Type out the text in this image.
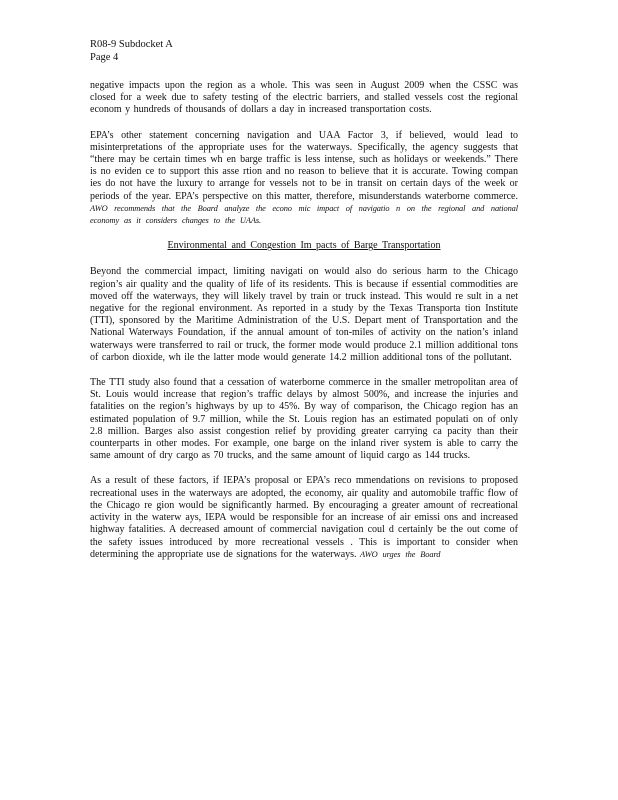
R08-9 Subdocket A
Page 4

negative impacts upon the region as a whole. This was seen in August 2009 when the CSSC was closed for a week due to safety testing of the electric barriers, and stalled vessels cost the regional econom y hundreds of thousands of dollars a day in increased transportation costs.

EPA’s other statement concerning navigation and UAA Factor 3, if believed, would lead to misinterpretations of the appropriate uses for the waterways. Specifically, the agency suggests that “there may be certain times wh en barge traffic is less intense, such as holidays or weekends.” There is no eviden ce to support this asse rtion and no reason to believe that it is accurate. Towing compan ies do not have the luxury to arrange for vessels not to be in transit on certain days of the week or periods of the year. EPA’s perspective on this matter, therefore, misunderstands waterborne commerce. AWO recommends that the Board analyze the econo mic impact of navigatio n on the regional and national economy as it considers changes to the UAAs.

Environmental and Congestion Im pacts of Barge Transportation

Beyond the commercial impact, limiting navigati on would also do serious harm to the Chicago region’s air quality and the quality of life of its residents. This is because if essential commodities are moved off the waterways, they will likely travel by train or truck instead. This would re sult in a net negative for the regional environment. As reported in a study by the Texas Transporta tion Institute (TTI), sponsored by the Maritime Administration of the U.S. Depart ment of Transportation and the National Waterways Foundation, if the annual amount of ton-miles of activity on the nation’s inland waterways were transferred to rail or truck, the former mode would produce 2.1 million additional tons of carbon dioxide, wh ile the latter mode would generate 14.2 million additional tons of the pollutant.

The TTI study also found that a cessation of waterborne commerce in the smaller metropolitan area of St. Louis would increase that region’s traffic delays by almost 500%, and increase the injuries and fatalities on the region’s highways by up to 45%. By way of comparison, the Chicago region has an estimated population of 9.7 million, while the St. Louis region has an estimated populati on of only 2.8 million. Barges also assist congestion relief by providing greater carrying ca pacity than their counterparts in other modes. For example, one barge on the inland river system is able to carry the same amount of dry cargo as 70 trucks, and the same amount of liquid cargo as 144 trucks.

As a result of these factors, if IEPA’s proposal or EPA’s reco mmendations on revisions to proposed recreational uses in the waterways are adopted, the economy, air quality and automobile traffic flow of the Chicago re gion would be significantly harmed. By encouraging a greater amount of recreational activity in the waterw ays, IEPA would be responsible for an increase of air emissi ons and increased highway fatalities. A decreased amount of commercial navigation coul d certainly be the out come of the safety issues introduced by more recreational vessels . This is important to consider when determining the appropriate use de signations for the waterways. AWO urges the Board
